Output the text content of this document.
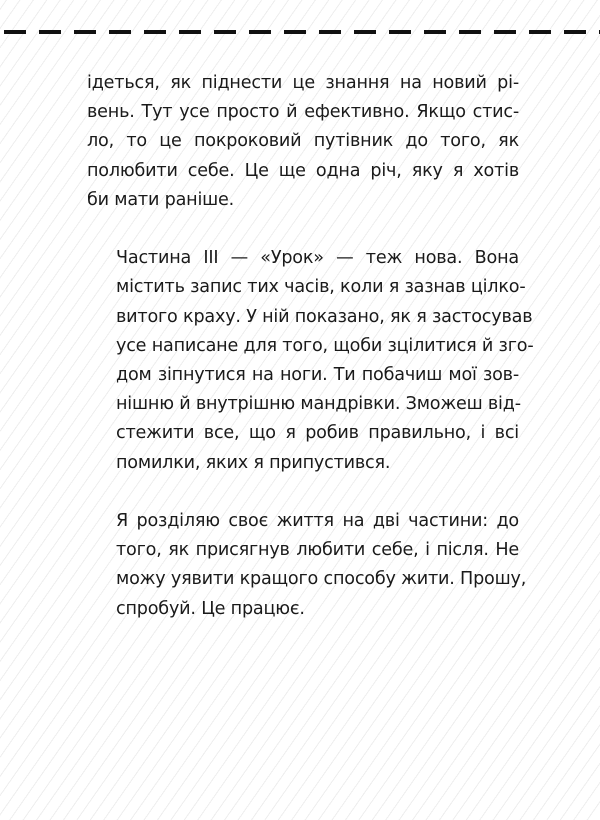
ідеться, як піднести це знання на новий рі-
вень. Тут усе просто й ефективно. Якщо стис-
ло, то це покроковий путівник до того, як
полюбити себе. Це ще одна річ, яку я хотів
би мати раніше.

Частина III — «Урок» — теж нова. Вона
містить запис тих часів, коли я зазнав цілко-
витого краху. У ній показано, як я застосував
усе написане для того, щоби зцілитися й зго-
дом зіпнутися на ноги. Ти побачиш мої зов-
нішню й внутрішню мандрівки. Зможеш від-
стежити все, що я робив правильно, і всі
помилки, яких я припустився.

Я розділяю своє життя на дві частини: до
того, як присягнув любити себе, і після. Не
можу уявити кращого способу жити. Прошу,
спробуй. Це працює.
